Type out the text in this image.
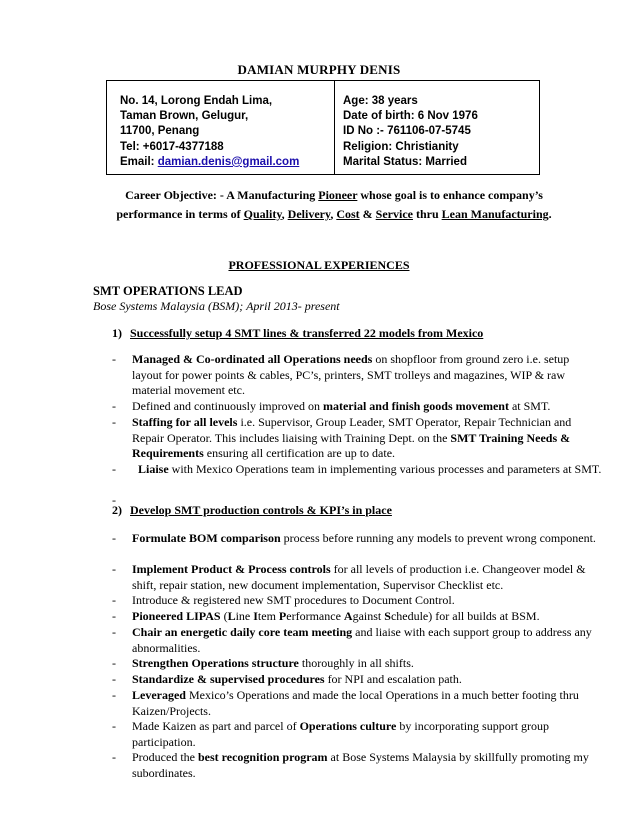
DAMIAN MURPHY DENIS
No. 14, Lorong Endah Lima,
Taman Brown, Gelugur,
11700, Penang
Tel: +6017-4377188
Email: damian.denis@gmail.com
Age: 38 years
Date of birth: 6 Nov 1976
ID No :- 761106-07-5745
Religion: Christianity
Marital Status: Married
Career Objective: - A Manufacturing Pioneer whose goal is to enhance company’s
performance in terms of Quality, Delivery, Cost & Service thru Lean Manufacturing.
PROFESSIONAL EXPERIENCES
SMT OPERATIONS LEAD
Bose Systems Malaysia (BSM); April 2013- present
1) Successfully setup 4 SMT lines & transferred 22 models from Mexico
- Managed & Co-ordinated all Operations needs on shopfloor from ground zero i.e. setup layout for power points & cables, PC’s, printers, SMT trolleys and magazines, WIP & raw material movement etc.
- Defined and continuously improved on material and finish goods movement at SMT.
- Staffing for all levels i.e. Supervisor, Group Leader, SMT Operator, Repair Technician and Repair Operator. This includes liaising with Training Dept. on the SMT Training Needs & Requirements ensuring all certification are up to date.
-	Liaise with Mexico Operations team in implementing various processes and parameters at SMT.
-
2) Develop SMT production controls & KPI’s in place
- Formulate BOM comparison process before running any models to prevent wrong component.
- Implement Product & Process controls for all levels of production i.e. Changeover model & shift, repair station, new document implementation, Supervisor Checklist etc.
- Introduce & registered new SMT procedures to Document Control.
- Pioneered LIPAS (Line Item Performance Against Schedule) for all builds at BSM.
- Chair an energetic daily core team meeting and liaise with each support group to address any abnormalities.
- Strengthen Operations structure thoroughly in all shifts.
- Standardize & supervised procedures for NPI and escalation path.
- Leveraged Mexico’s Operations and made the local Operations in a much better footing thru Kaizen/Projects.
- Made Kaizen as part and parcel of Operations culture by incorporating support group participation.
- Produced the best recognition program at Bose Systems Malaysia by skillfully promoting my subordinates.
